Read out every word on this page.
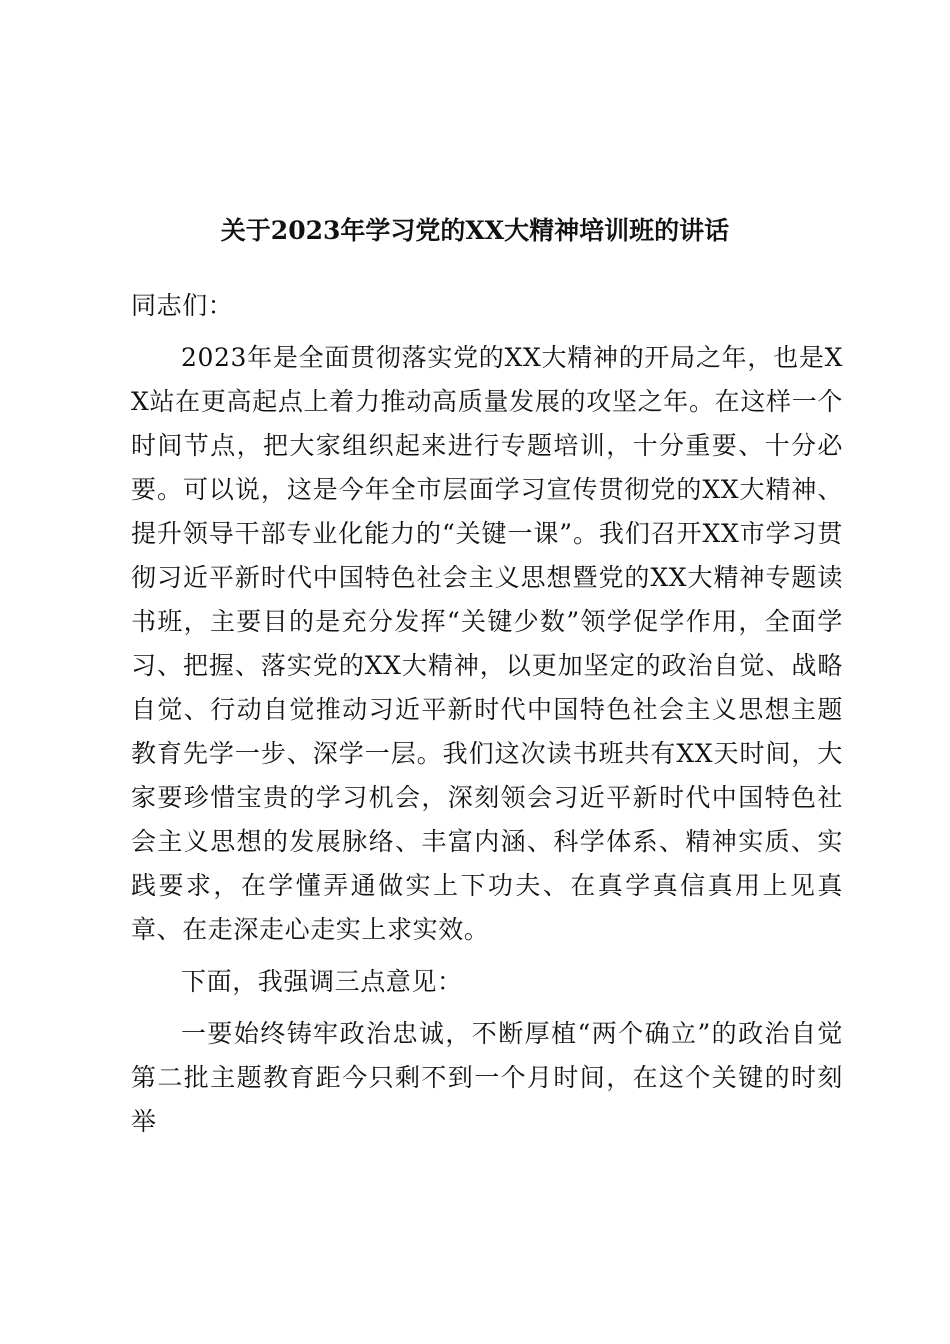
关于2023年学习党的XX大精神培训班的讲话

同志们：

2023年是全面贯彻落实党的XX大精神的开局之年，也是XX站在更高起点上着力推动高质量发展的攻坚之年。在这样一个时间节点，把大家组织起来进行专题培训，十分重要、十分必要。可以说，这是今年全市层面学习宣传贯彻党的XX大精神、提升领导干部专业化能力的“关键一课”。我们召开XX市学习贯彻习近平新时代中国特色社会主义思想暨党的XX大精神专题读书班，主要目的是充分发挥“关键少数”领学促学作用，全面学习、把握、落实党的XX大精神，以更加坚定的政治自觉、战略自觉、行动自觉推动习近平新时代中国特色社会主义思想主题教育先学一步、深学一层。我们这次读书班共有XX天时间，大家要珍惜宝贵的学习机会，深刻领会习近平新时代中国特色社会主义思想的发展脉络、丰富内涵、科学体系、精神实质、实践要求，在学懂弄通做实上下功夫、在真学真信真用上见真章、在走深走心走实上求实效。

下面，我强调三点意见：

一要始终铸牢政治忠诚，不断厚植“两个确立”的政治自觉第二批主题教育距今只剩不到一个月时间，在这个关键的时刻举
